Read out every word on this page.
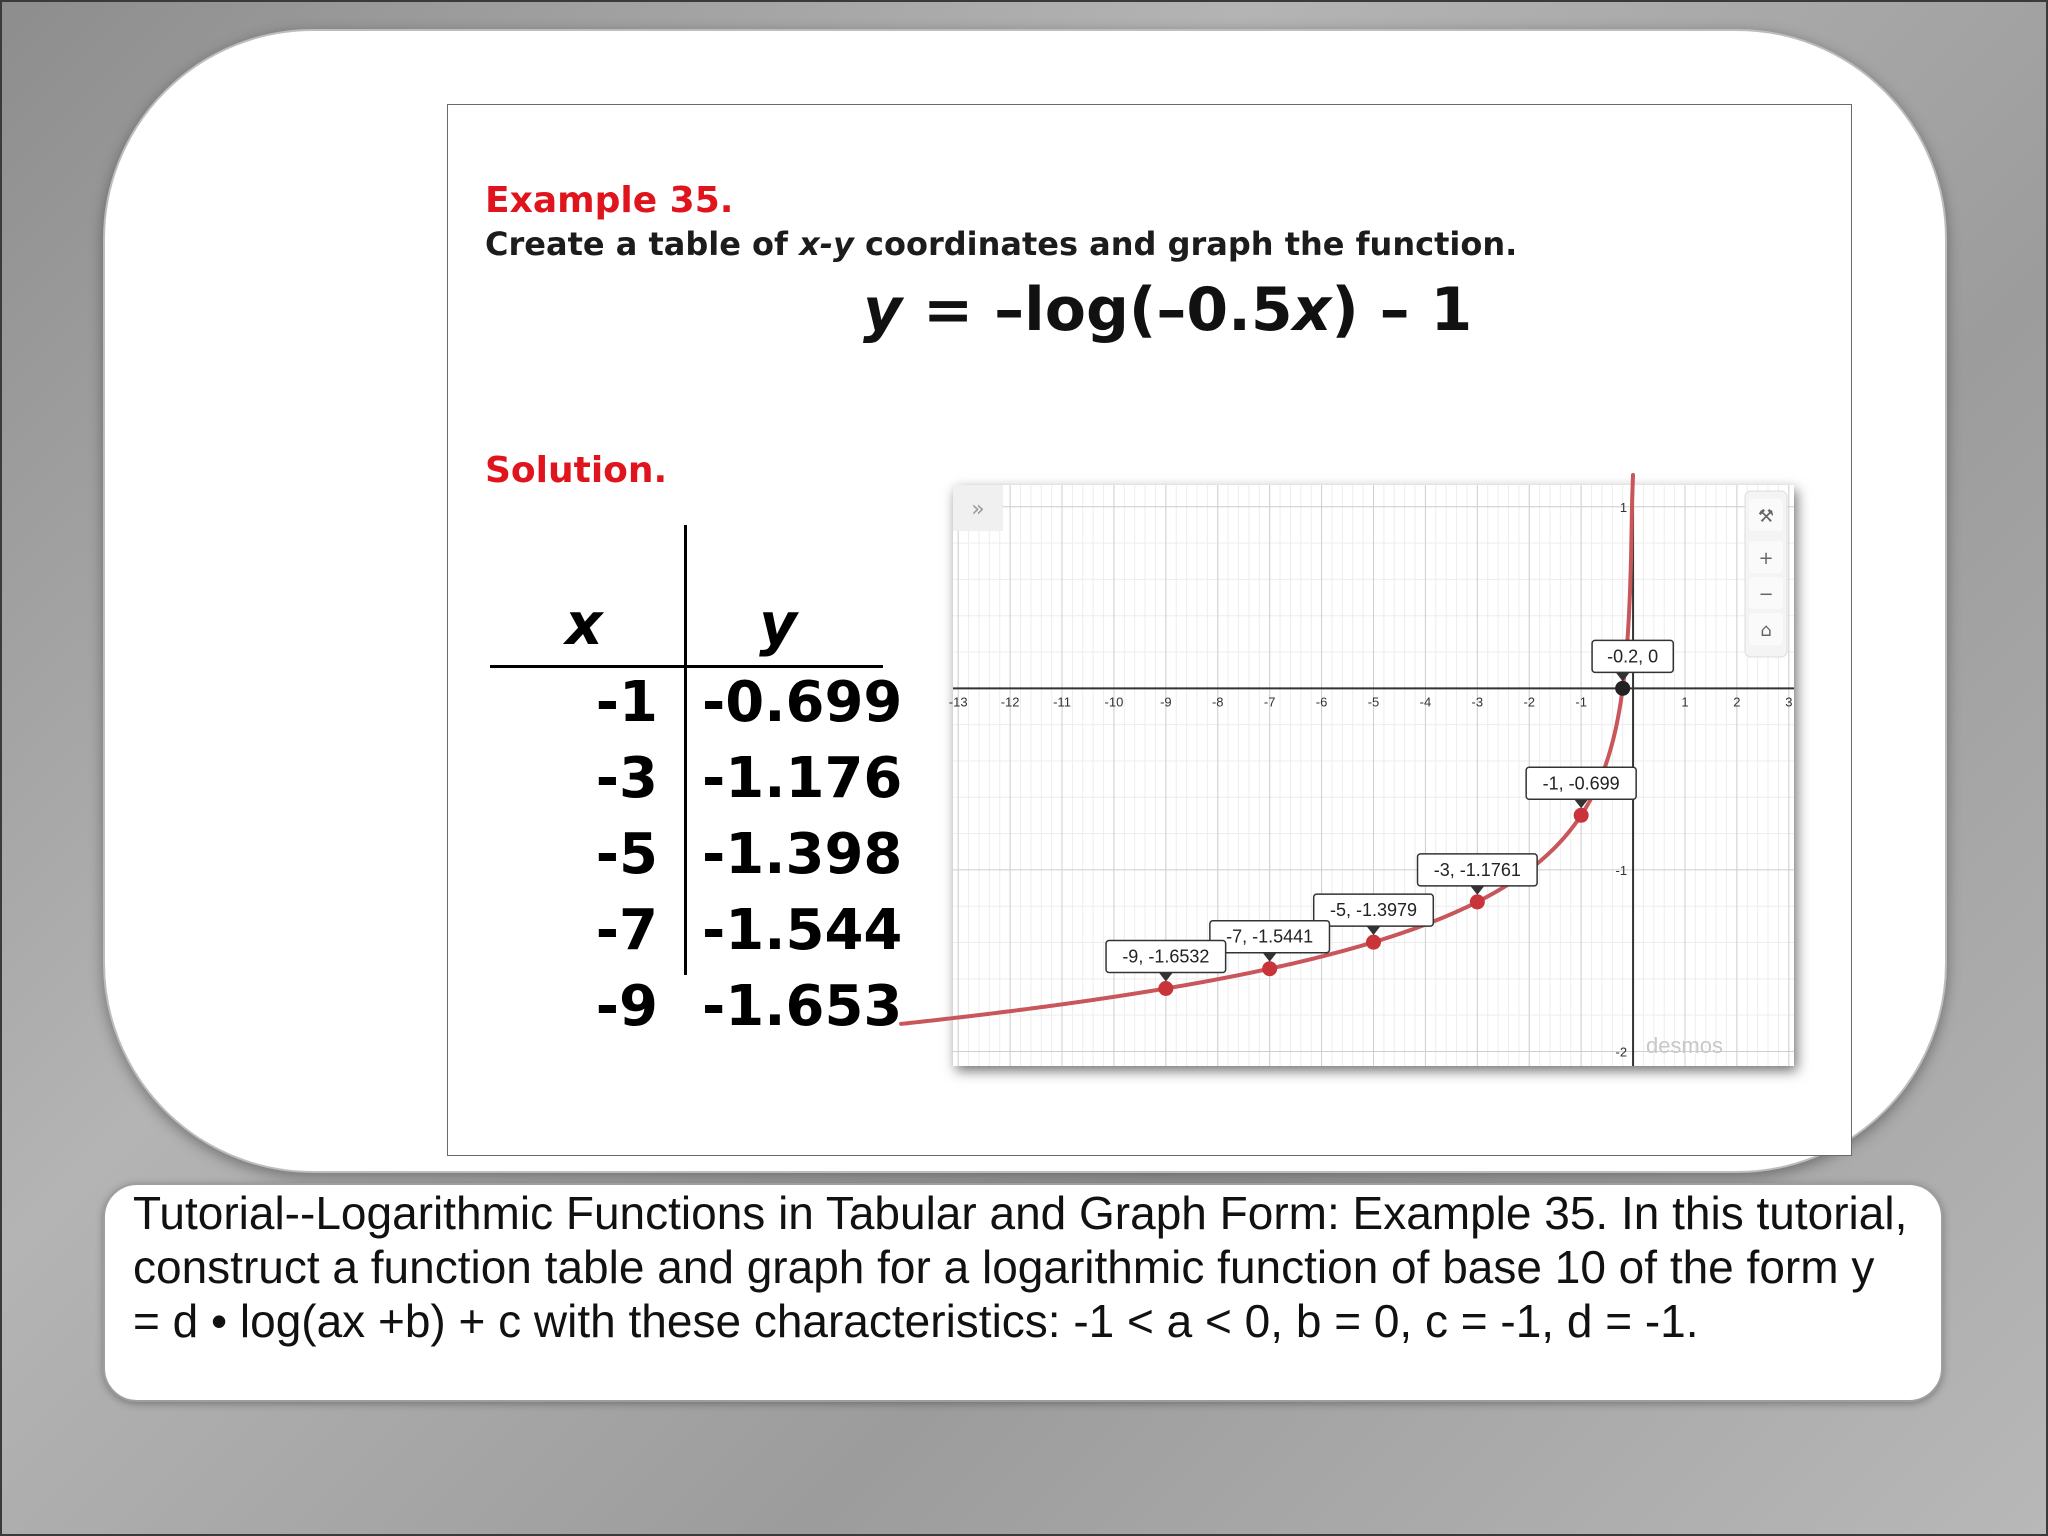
Example 35.
Create a table of x-y coordinates and graph the function.
y = –log(–0.5x) – 1
Solution.
x	y
-1 -0.699
-3 -1.176
-5 -1.398
-7 -1.544
-9 -1.653
-13	-12	-11	-10	-9	-8	-7	-6	-5	-4	-3	-2	-1	1	2	3
1
-1
-2
-1, -0.699
-3, -1.1761
-5, -1.3979
-7, -1.5441
-9, -1.6532
-0.2, 0
»	⚒
+
−
⌂
desmos
Tutorial--Logarithmic Functions in Tabular and Graph Form: Example 35. In this tutorial, construct a function table and graph for a logarithmic function of base 10 of the form y = d • log(ax +b) + c with these characteristics: -1 < a < 0, b = 0, c = -1, d = -1.
